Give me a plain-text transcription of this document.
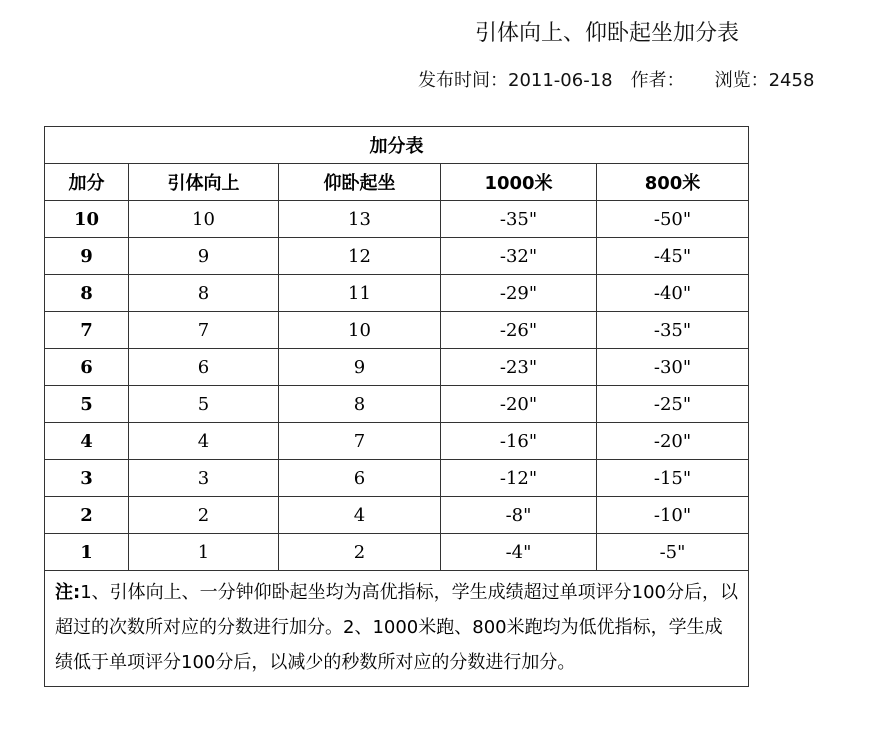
引体向上、仰卧起坐加分表
发布时间：2011-06-18 作者： 浏览：2458
加分表				
加分	引体向上	仰卧起坐	1000米	800米
10	10	13	-35"	-50"
9	9	12	-32"	-45"
8	8	11	-29"	-40"
7	7	10	-26"	-35"
6	6	9	-23"	-30"
5	5	8	-20"	-25"
4	4	7	-16"	-20"
3	3	6	-12"	-15"
2	2	4	-8"	-10"
1	1	2	-4"	-5"
注:1、引体向上、一分钟仰卧起坐均为高优指标，学生成绩超过单项评分100分后，以超过的次数所对应的分数进行加分。2、1000米跑、800米跑均为低优指标，学生成绩低于单项评分100分后，以减少的秒数所对应的分数进行加分。				
